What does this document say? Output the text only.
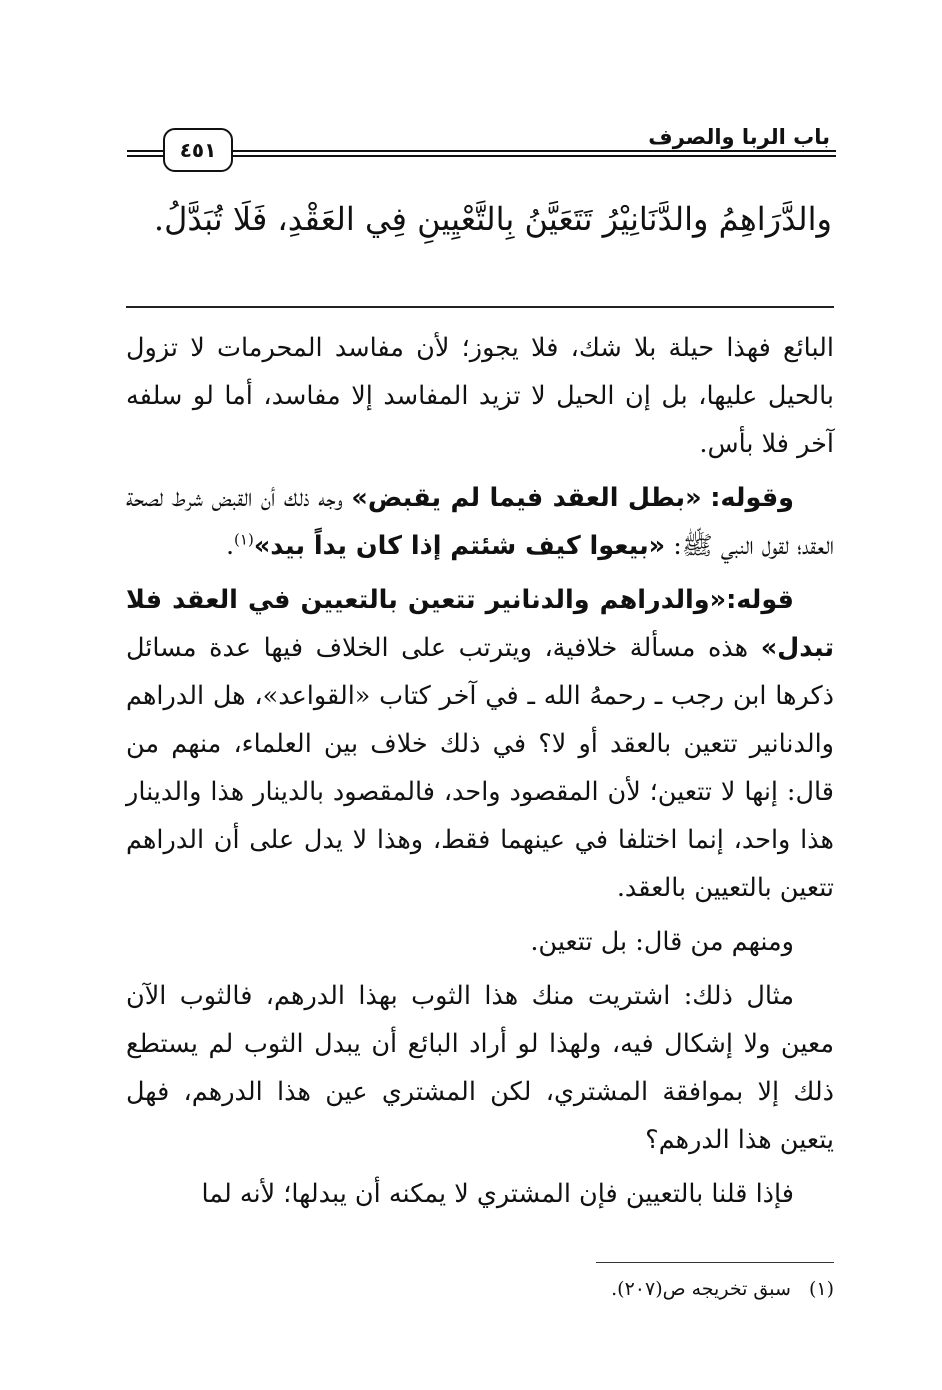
باب الربا والصرف
٤٥١
والدَّرَاهِمُ والدَّنَانِيْرُ تَتَعَيَّنُ بِالتَّعْيِينِ فِي العَقْدِ، فَلَا تُبَدَّلُ.

البائع فهذا حيلة بلا شك، فلا يجوز؛ لأن مفاسد المحرمات لا تزول بالحيل عليها، بل إن الحيل لا تزيد المفاسد إلا مفاسد، أما لو سلفه آخر فلا بأس.

وقوله: «بطل العقد فيما لم يقبض» وجه ذلك أن القبض شرط لصحة العقد؛ لقول النبي ﷺ: «بيعوا كيف شئتم إذا كان يداً بيد»$^{(١)}$.

قوله:«والدراهم والدنانير تتعين بالتعيين في العقد فلا تبدل» هذه مسألة خلافية، ويترتب على الخلاف فيها عدة مسائل ذكرها ابن رجب ـ رحمهُ الله ـ في آخر كتاب «القواعد»، هل الدراهم والدنانير تتعين بالعقد أو لا؟ في ذلك خلاف بين العلماء، منهم من قال: إنها لا تتعين؛ لأن المقصود واحد، فالمقصود بالدينار هذا والدينار هذا واحد، إنما اختلفا في عينهما فقط، وهذا لا يدل على أن الدراهم تتعين بالتعيين بالعقد.

ومنهم من قال: بل تتعين.

مثال ذلك: اشتريت منك هذا الثوب بهذا الدرهم، فالثوب الآن معين ولا إشكال فيه، ولهذا لو أراد البائع أن يبدل الثوب لم يستطع ذلك إلا بموافقة المشتري، لكن المشتري عين هذا الدرهم، فهل يتعين هذا الدرهم؟

فإذا قلنا بالتعيين فإن المشتري لا يمكنه أن يبدلها؛ لأنه لما

(١)سبق تخريجه ص(٢٠٧).
